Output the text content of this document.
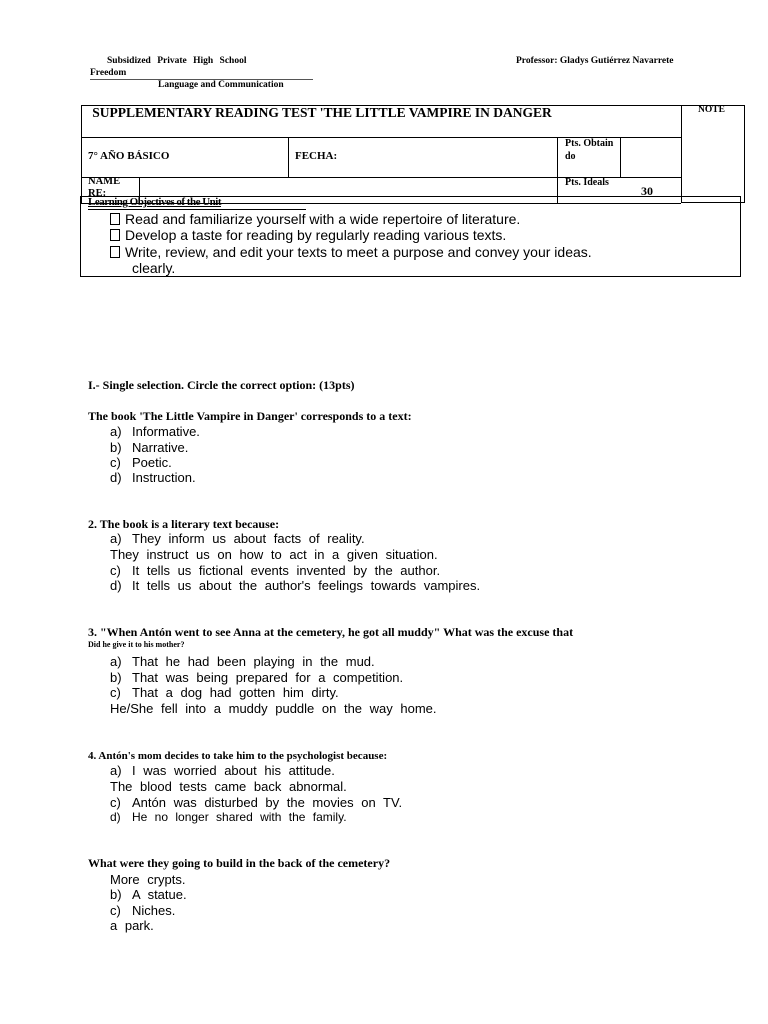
Subsidized Private High School
Freedom
Language and Communication
Professor: Gladys Gutiérrez Navarrete
SUPPLEMENTARY READING TEST 'THE LITTLE VAMPIRE IN DANGER	NOTE
7° AÑO BÁSICO	FECHA:
Pts. Obtain do
NAME RE:
Pts. Ideals
30
Learning Objectives of the Unit
Read and familiarize yourself with a wide repertoire of literature.
Develop a taste for reading by regularly reading various texts.
Write, review, and edit your texts to meet a purpose and convey your ideas.
clearly.
I.- Single selection. Circle the correct option: (13pts)
The book 'The Little Vampire in Danger' corresponds to a text:
a) Informative.
b) Narrative.
c) Poetic.
d) Instruction.
2. The book is a literary text because:
a) They inform us about facts of reality.
They instruct us on how to act in a given situation.
c) It tells us fictional events invented by the author.
d) It tells us about the author's feelings towards vampires.
3. "When Antón went to see Anna at the cemetery, he got all muddy" What was the excuse that
Did he give it to his mother?
a) That he had been playing in the mud.
b) That was being prepared for a competition.
c) That a dog had gotten him dirty.
He/She fell into a muddy puddle on the way home.
4. Antón's mom decides to take him to the psychologist because:
a) I was worried about his attitude.
The blood tests came back abnormal.
c) Antón was disturbed by the movies on TV.
d) He no longer shared with the family.
What were they going to build in the back of the cemetery?
More crypts.
b) A statue.
c) Niches.
a park.
